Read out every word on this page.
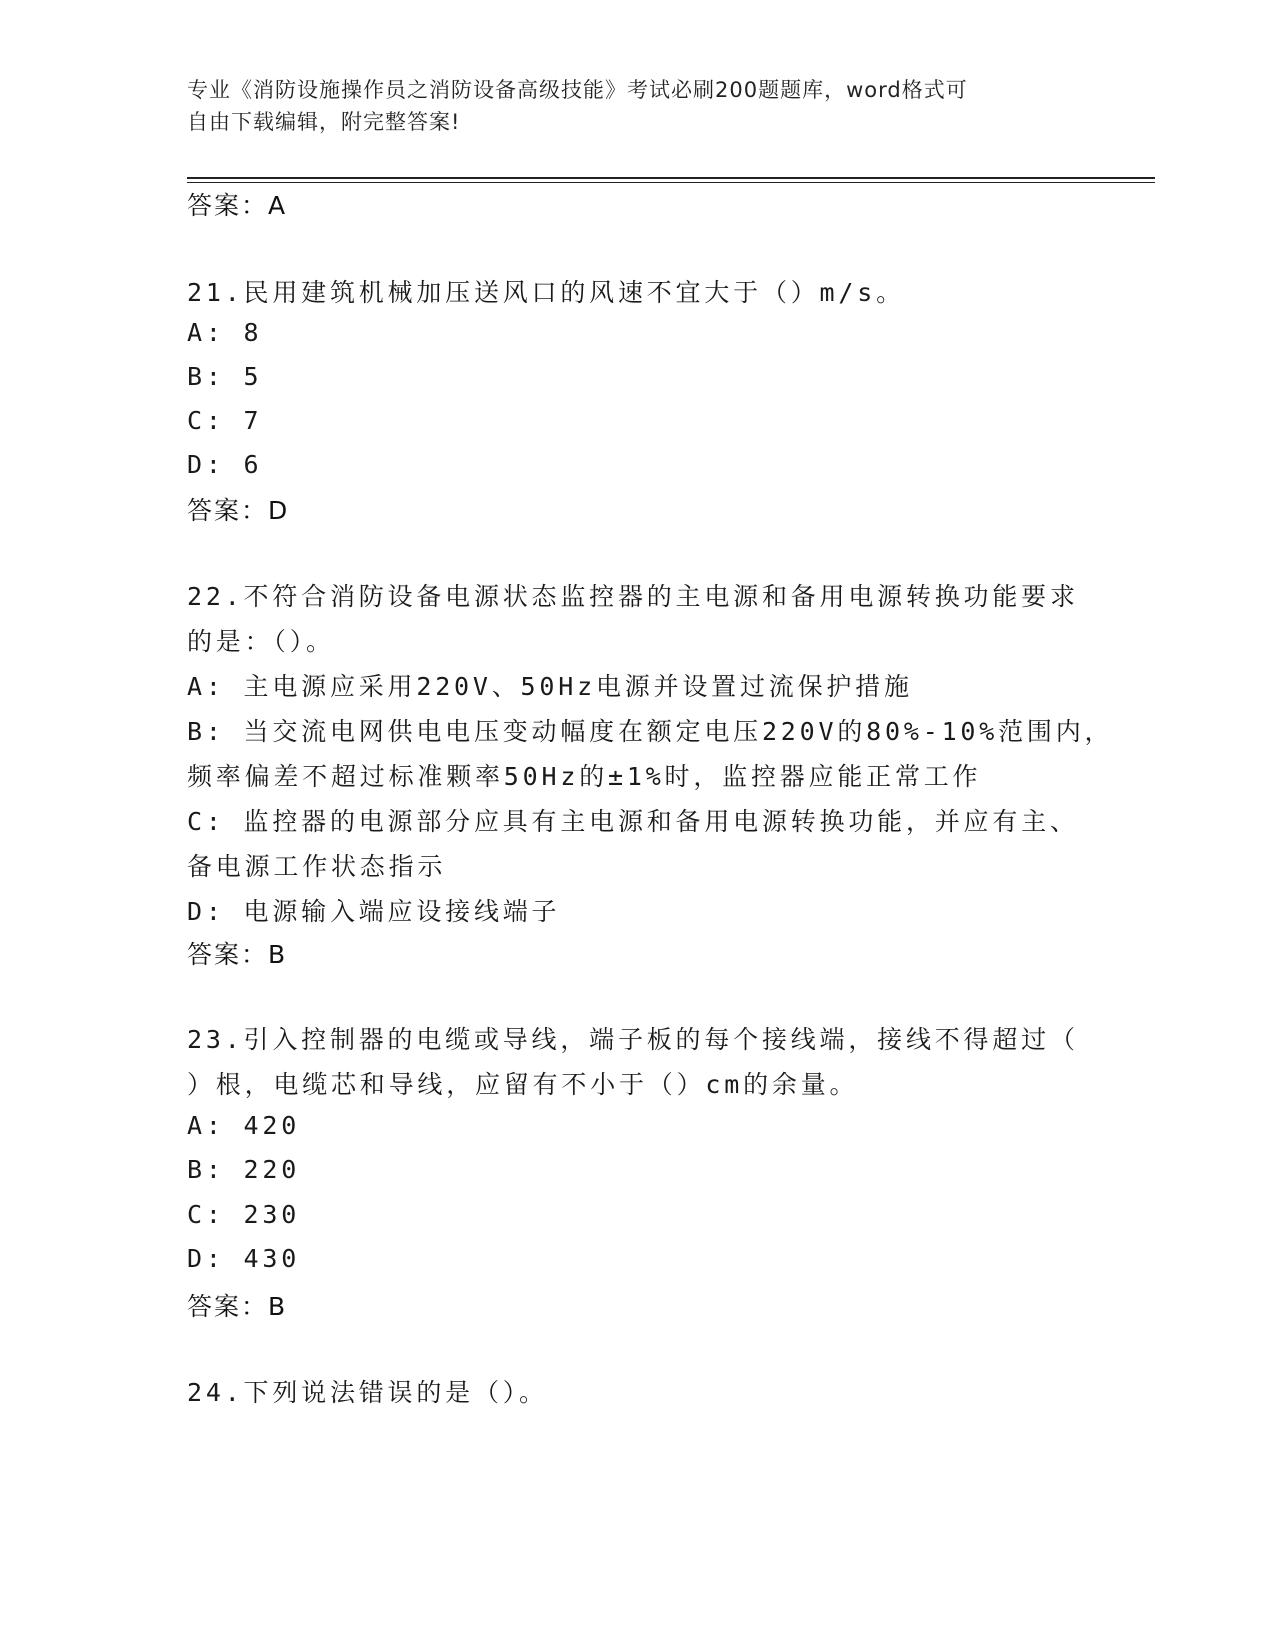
专业《消防设施操作员之消防设备高级技能》考试必刷200题题库，word格式可
自由下载编辑，附完整答案!
答案：A
21.民用建筑机械加压送风口的风速不宜大于（）m/s。
A: 8
B: 5
C: 7
D: 6
答案：D
22.不符合消防设备电源状态监控器的主电源和备用电源转换功能要求
的是：（）。
A: 主电源应采用220V、50Hz电源并设置过流保护措施
B: 当交流电网供电电压变动幅度在额定电压220V的80%-10%范围内，
频率偏差不超过标准颗率50Hz的±1%时，监控器应能正常工作
C: 监控器的电源部分应具有主电源和备用电源转换功能，并应有主、
备电源工作状态指示
D: 电源输入端应设接线端子
答案：B
23.引入控制器的电缆或导线，端子板的每个接线端，接线不得超过（
）根，电缆芯和导线，应留有不小于（）cm的余量。
A: 420
B: 220
C: 230
D: 430
答案：B
24.下列说法错误的是（）。
